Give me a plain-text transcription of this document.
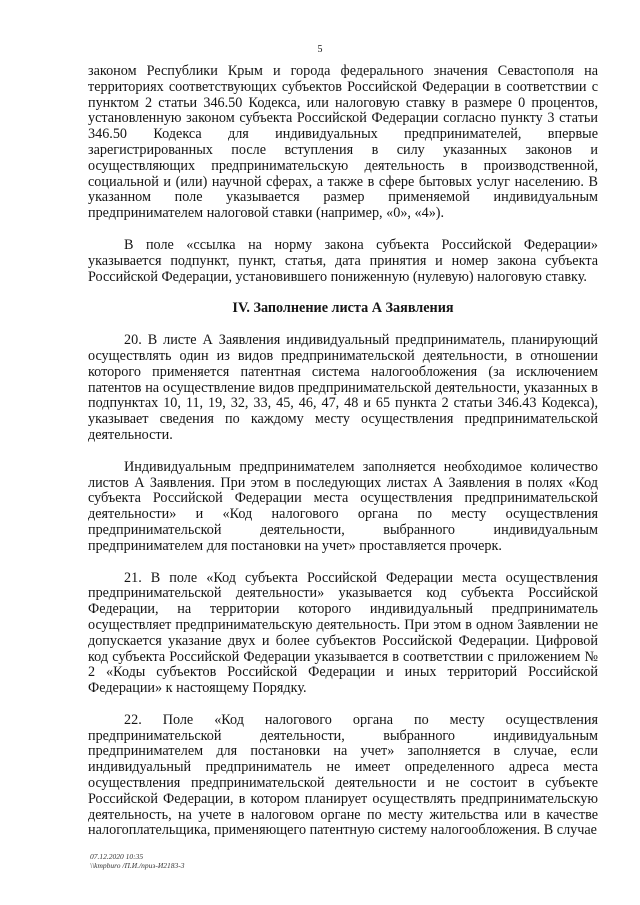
5

законом Республики Крым и города федерального значения Севастополя на территориях соответствующих субъектов Российской Федерации в соответствии с пунктом 2 статьи 346.50 Кодекса, или налоговую ставку в размере 0 процентов, установленную законом субъекта Российской Федерации согласно пункту 3 статьи 346.50 Кодекса для индивидуальных предпринимателей, впервые зарегистрированных после вступления в силу указанных законов и осуществляющих предпринимательскую деятельность в производственной, социальной и (или) научной сферах, а также в сфере бытовых услуг населению. В указанном поле указывается размер применяемой индивидуальным предпринимателем налоговой ставки (например, «0», «4»).

В поле «ссылка на норму закона субъекта Российской Федерации» указывается подпункт, пункт, статья, дата принятия и номер закона субъекта Российской Федерации, установившего пониженную (нулевую) налоговую ставку.

IV. Заполнение листа А Заявления

20. В листе А Заявления индивидуальный предприниматель, планирующий осуществлять один из видов предпринимательской деятельности, в отношении которого применяется патентная система налогообложения (за исключением патентов на осуществление видов предпринимательской деятельности, указанных в подпунктах 10, 11, 19, 32, 33, 45, 46, 47, 48 и 65 пункта 2 статьи 346.43 Кодекса), указывает сведения по каждому месту осуществления предпринимательской деятельности.

Индивидуальным предпринимателем заполняется необходимое количество листов А Заявления. При этом в последующих листах А Заявления в полях «Код субъекта Российской Федерации места осуществления предпринимательской деятельности» и «Код налогового органа по месту осуществления предпринимательской деятельности, выбранного индивидуальным предпринимателем для постановки на учет» проставляется прочерк.

21. В поле «Код субъекта Российской Федерации места осуществления предпринимательской деятельности» указывается код субъекта Российской Федерации, на территории которого индивидуальный предприниматель осуществляет предпринимательскую деятельность. При этом в одном Заявлении не допускается указание двух и более субъектов Российской Федерации. Цифровой код субъекта Российской Федерации указывается в соответствии с приложением № 2 «Коды субъектов Российской Федерации и иных территорий Российской Федерации» к настоящему Порядку.

22. Поле «Код налогового органа по месту осуществления предпринимательской деятельности, выбранного индивидуальным предпринимателем для постановки на учет» заполняется в случае, если индивидуальный предприниматель не имеет определенного адреса места осуществления предпринимательской деятельности и не состоит в субъекте Российской Федерации, в котором планирует осуществлять предпринимательскую деятельность, на учете в налоговом органе по месту жительства или в качестве налогоплательщика, применяющего патентную систему налогообложения. В случае

07.12.2020 10:35
\\kmpburo /П.И./приз-И2183-3
